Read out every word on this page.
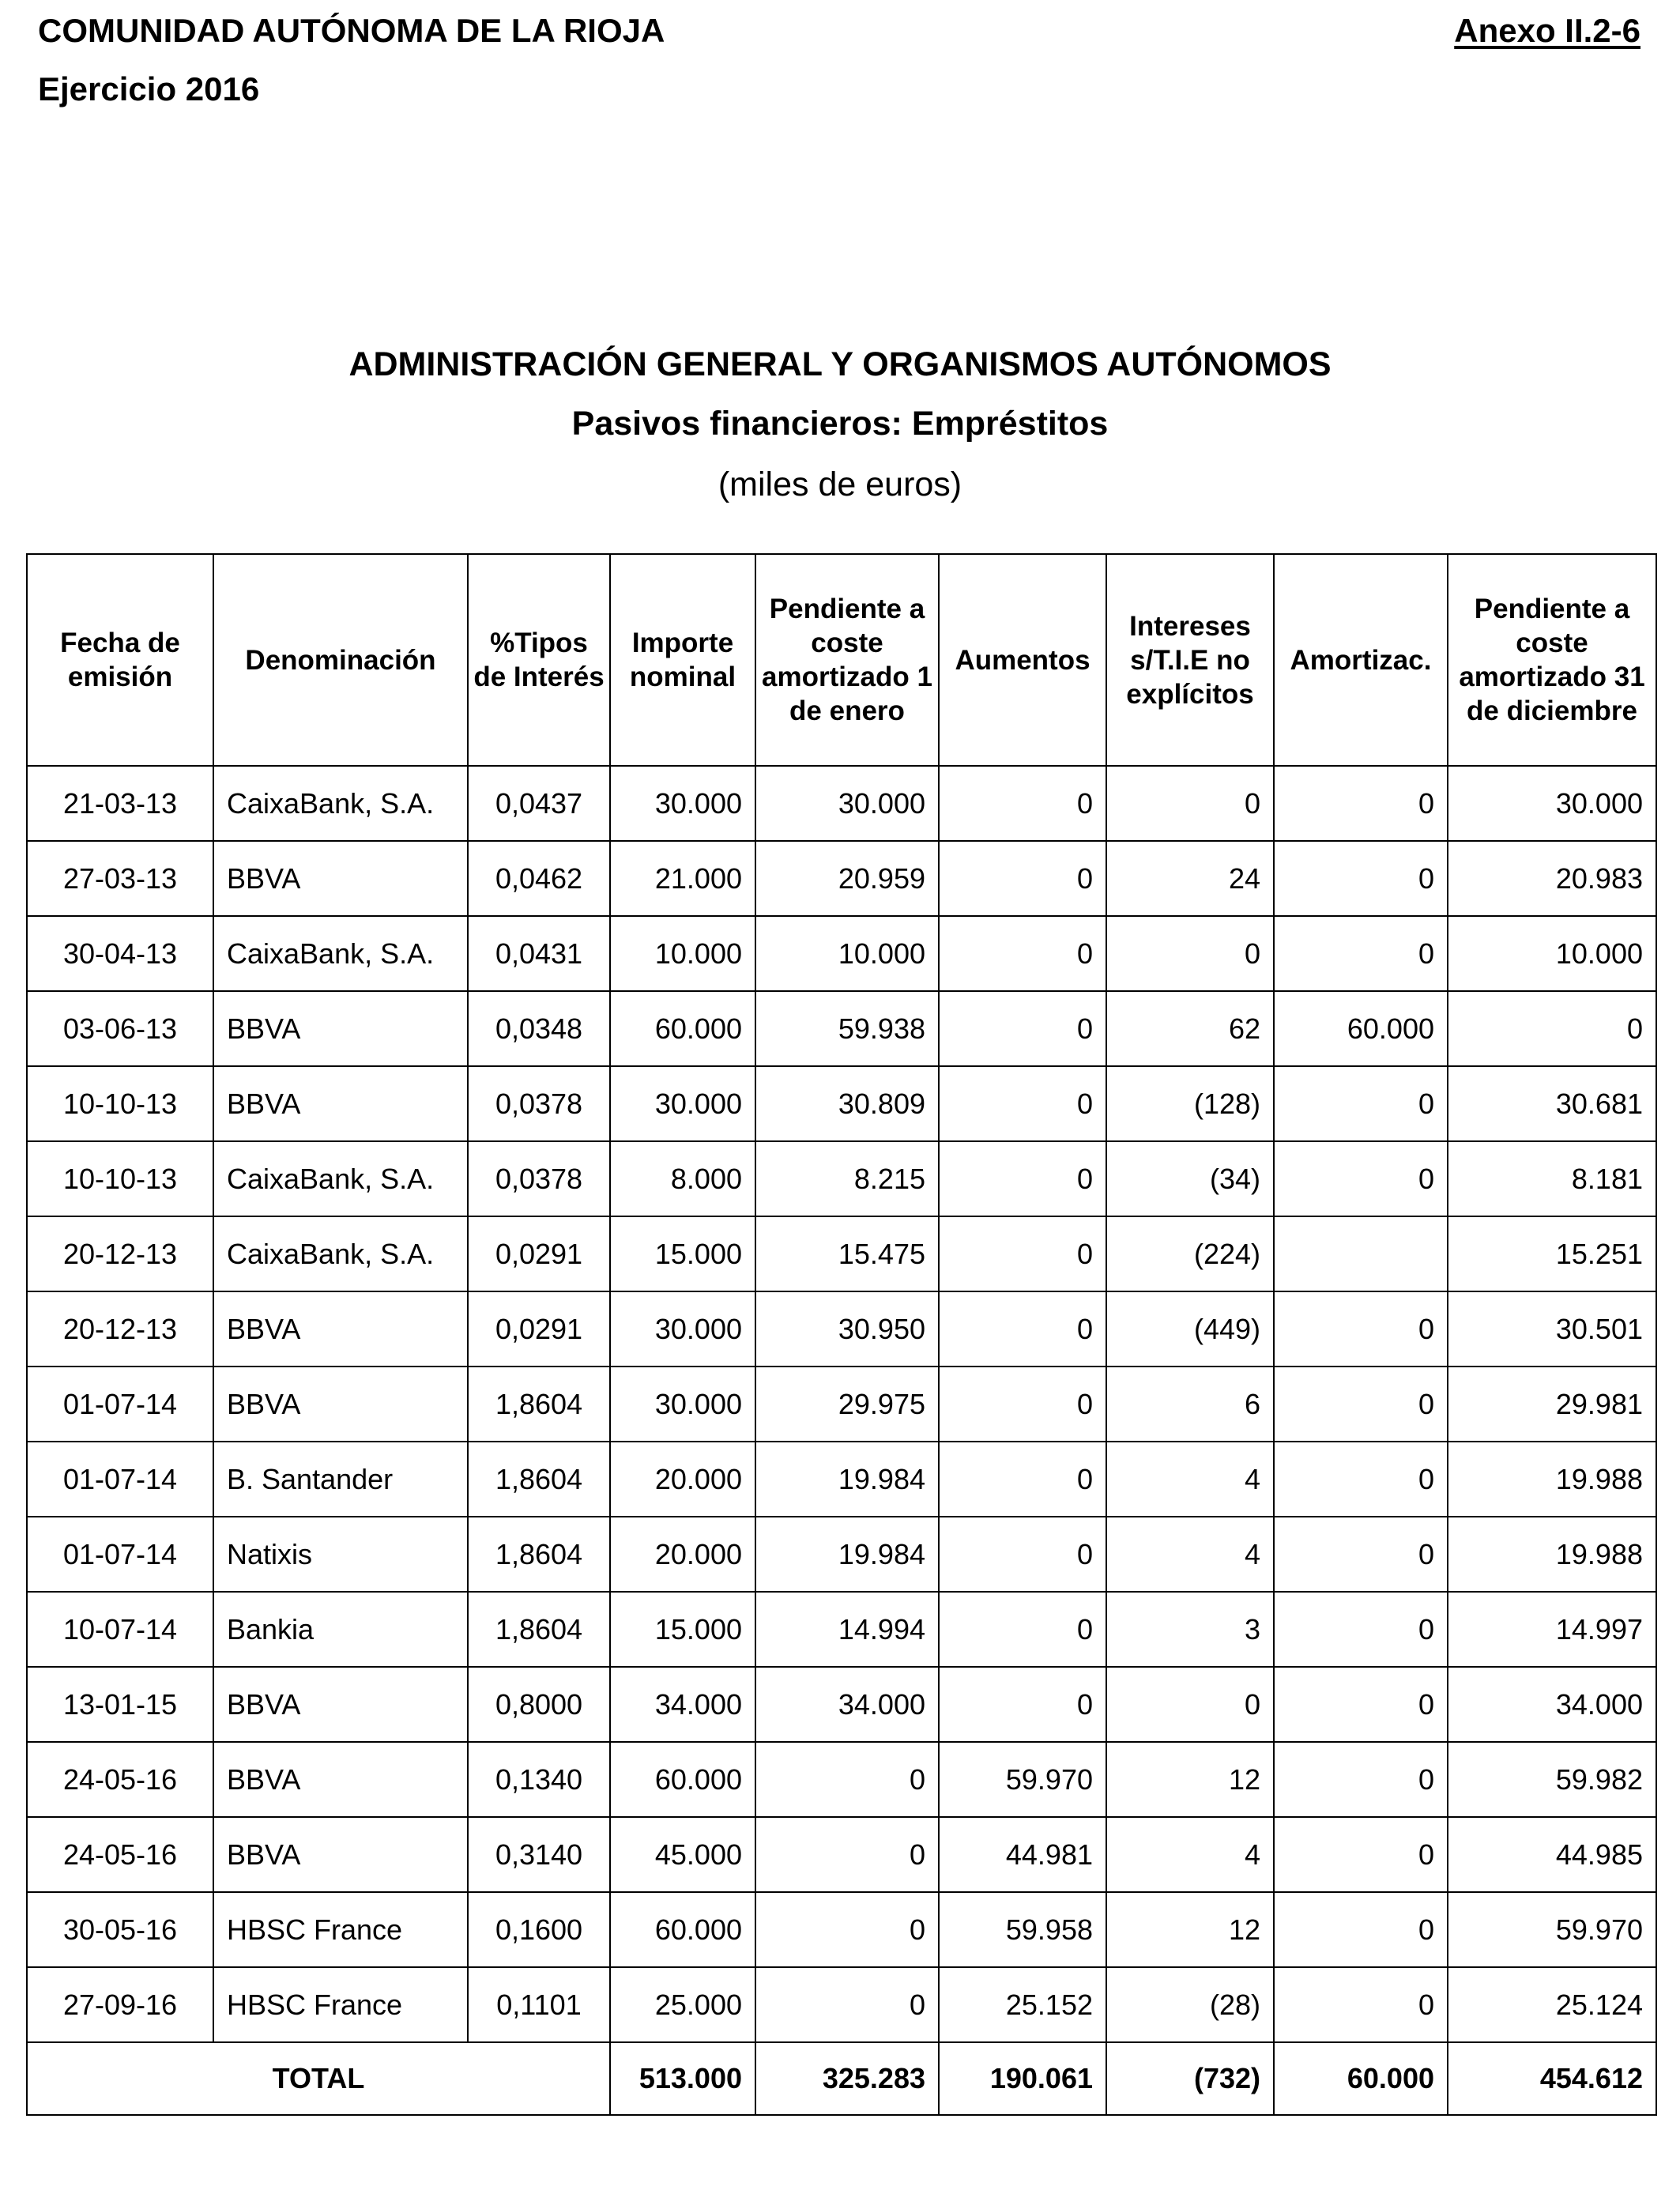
COMUNIDAD AUTÓNOMA DE LA RIOJA
Ejercicio 2016
Anexo II.2-6
ADMINISTRACIÓN GENERAL Y ORGANISMOS AUTÓNOMOS
Pasivos financieros: Empréstitos
(miles de euros)
Fecha de emisión	Denominación	%Tipos de Interés	Importe nominal	Pendiente a coste amortizado 1 de enero	Aumentos	Intereses s/T.I.E no explícitos	Amortizac.	Pendiente a coste amortizado 31 de diciembre
21-03-13	CaixaBank, S.A.	0,0437	30.000	30.000	0	0	0	30.000
27-03-13	BBVA	0,0462	21.000	20.959	0	24	0	20.983
30-04-13	CaixaBank, S.A.	0,0431	10.000	10.000	0	0	0	10.000
03-06-13	BBVA	0,0348	60.000	59.938	0	62	60.000	0
10-10-13	BBVA	0,0378	30.000	30.809	0	(128)	0	30.681
10-10-13	CaixaBank, S.A.	0,0378	8.000	8.215	0	(34)	0	8.181
20-12-13	CaixaBank, S.A.	0,0291	15.000	15.475	0	(224)		15.251
20-12-13	BBVA	0,0291	30.000	30.950	0	(449)	0	30.501
01-07-14	BBVA	1,8604	30.000	29.975	0	6	0	29.981
01-07-14	B. Santander	1,8604	20.000	19.984	0	4	0	19.988
01-07-14	Natixis	1,8604	20.000	19.984	0	4	0	19.988
10-07-14	Bankia	1,8604	15.000	14.994	0	3	0	14.997
13-01-15	BBVA	0,8000	34.000	34.000	0	0	0	34.000
24-05-16	BBVA	0,1340	60.000	0	59.970	12	0	59.982
24-05-16	BBVA	0,3140	45.000	0	44.981	4	0	44.985
30-05-16	HBSC France	0,1600	60.000	0	59.958	12	0	59.970
27-09-16	HBSC France	0,1101	25.000	0	25.152	(28)	0	25.124
TOTAL			513.000	325.283	190.061	(732)	60.000	454.612
